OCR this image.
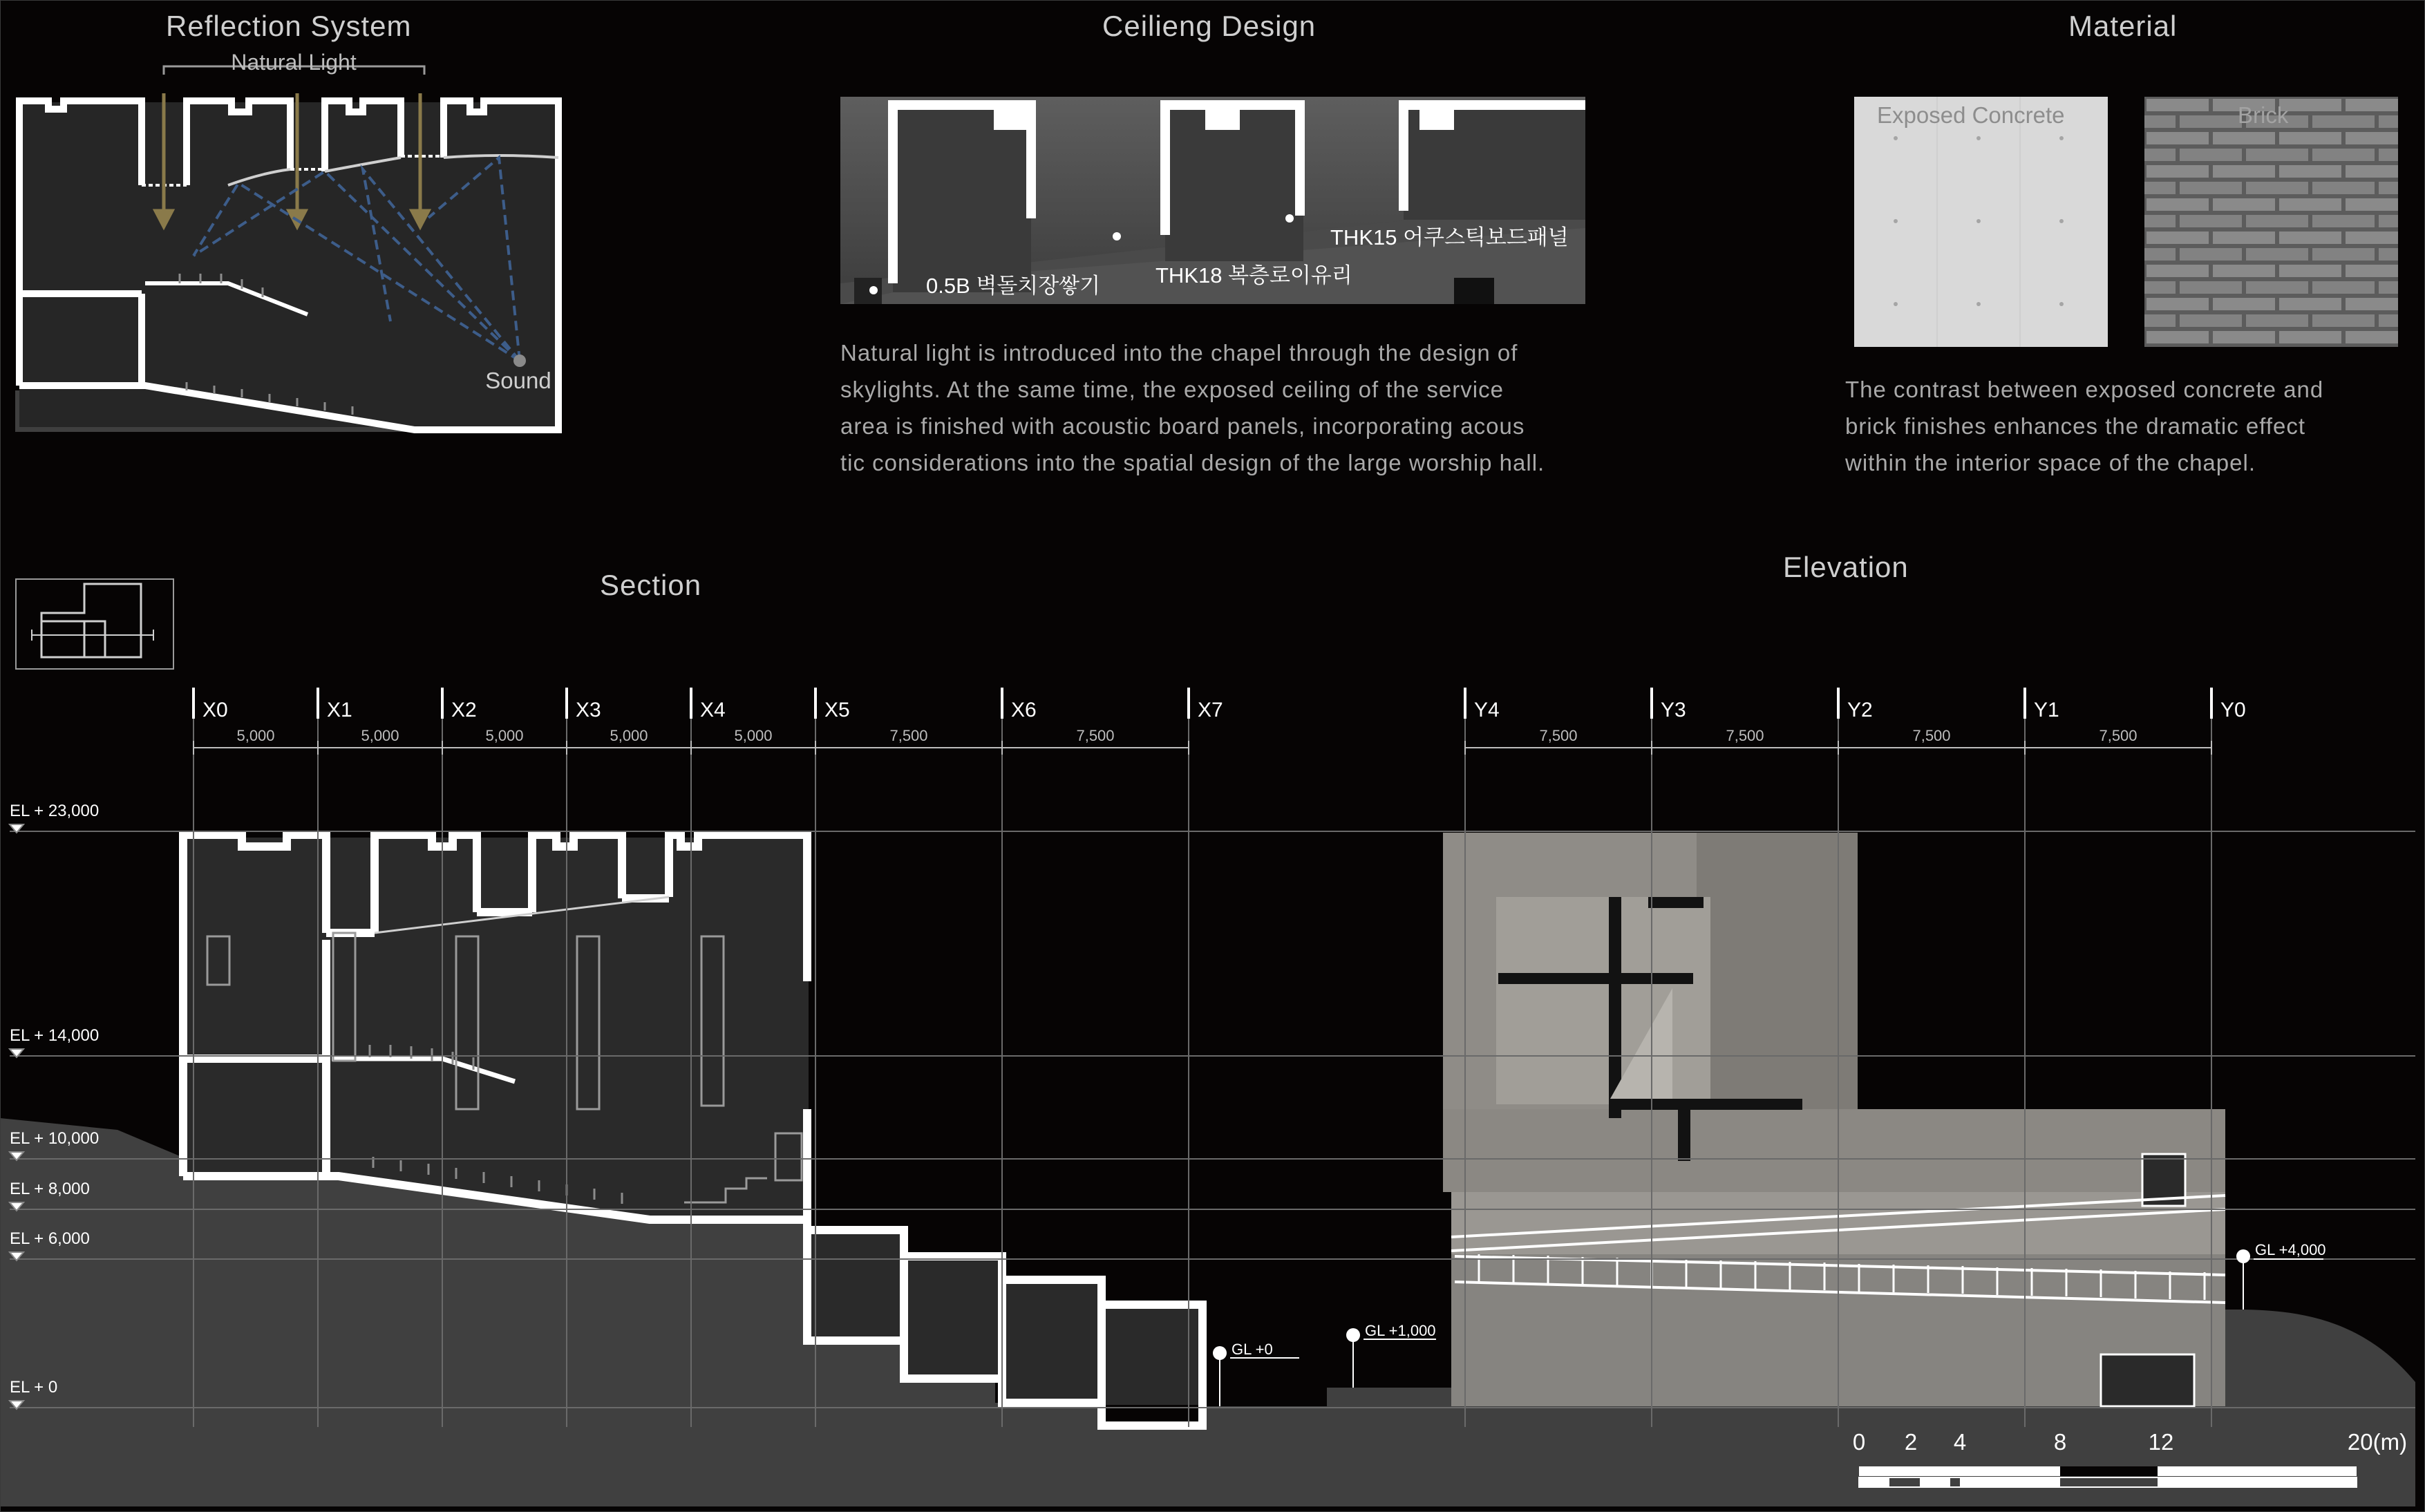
Reflection System	Ceilieng Design	Material
Natural Light
Sound
THK15 어쿠스틱보드패널
THK18 복층로이유리
0.5B 벽돌치장쌓기
Natural light is introduced into the chapel through the design of
skylights. At the same time, the exposed ceiling of the service
area is finished with acoustic board panels, incorporating acous
tic considerations into the spatial design of the large worship hall.
Exposed Concrete	Brick
The contrast between exposed concrete and
brick finishes enhances the dramatic effect
within the interior space of the chapel.
Section
Elevation
EL + 23,000
EL + 14,000
EL + 10,000
EL + 8,000
EL + 6,000
EL + 0
X0	X1	X2	X3	X4	X5	X6	X7
5,000	5,000	5,000	5,000	5,000	7,500	7,500
Y4	Y3	Y2	Y1	Y0
7,500	7,500	7,500	7,500
GL +0
GL +1,000
GL +4,000
0 2 4	8	12	20(m)
